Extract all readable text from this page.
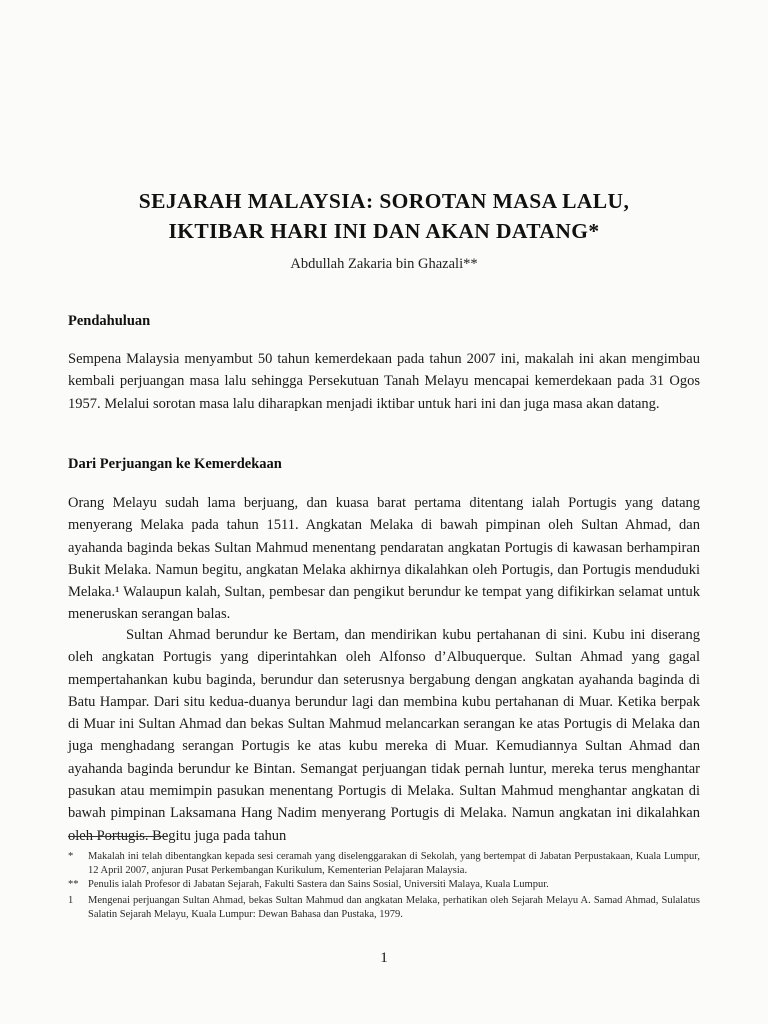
SEJARAH MALAYSIA: SOROTAN MASA LALU,
IKTIBAR HARI INI DAN AKAN DATANG*
Abdullah Zakaria bin Ghazali**
Pendahuluan

Sempena Malaysia menyambut 50 tahun kemerdekaan pada tahun 2007 ini, makalah ini akan mengimbau kembali perjuangan masa lalu sehingga Persekutuan Tanah Melayu mencapai kemerdekaan pada 31 Ogos 1957. Melalui sorotan masa lalu diharapkan menjadi iktibar untuk hari ini dan juga masa akan datang.

Dari Perjuangan ke Kemerdekaan

Orang Melayu sudah lama berjuang, dan kuasa barat pertama ditentang ialah Portugis yang datang menyerang Melaka pada tahun 1511. Angkatan Melaka di bawah pimpinan oleh Sultan Ahmad, dan ayahanda baginda bekas Sultan Mahmud menentang pendaratan angkatan Portugis di kawasan berhampiran Bukit Melaka. Namun begitu, angkatan Melaka akhirnya dikalahkan oleh Portugis, dan Portugis menduduki Melaka.¹ Walaupun kalah, Sultan, pembesar dan pengikut berundur ke tempat yang difikirkan selamat untuk meneruskan serangan balas.

Sultan Ahmad berundur ke Bertam, dan mendirikan kubu pertahanan di sini. Kubu ini diserang oleh angkatan Portugis yang diperintahkan oleh Alfonso d’Albuquerque. Sultan Ahmad yang gagal mempertahankan kubu baginda, berundur dan seterusnya bergabung dengan angkatan ayahanda baginda di Batu Hampar. Dari situ kedua-duanya berundur lagi dan membina kubu pertahanan di Muar. Ketika berpak di Muar ini Sultan Ahmad dan bekas Sultan Mahmud melancarkan serangan ke atas Portugis di Melaka dan juga menghadang serangan Portugis ke atas kubu mereka di Muar. Kemudiannya Sultan Ahmad dan ayahanda baginda berundur ke Bintan. Semangat perjuangan tidak pernah luntur, mereka terus menghantar pasukan atau memimpin pasukan menentang Portugis di Melaka. Sultan Mahmud menghantar angkatan di bawah pimpinan Laksamana Hang Nadim menyerang Portugis di Melaka. Namun angkatan ini dikalahkan oleh Portugis. Begitu juga pada tahun

*	Makalah ini telah dibentangkan kepada sesi ceramah yang diselenggarakan di Sekolah, yang bertempat di Jabatan Perpustakaan, Kuala Lumpur, 12 April 2007, anjuran Pusat Perkembangan Kurikulum, Kementerian Pelajaran Malaysia.
** Penulis ialah Profesor di Jabatan Sejarah, Fakulti Sastera dan Sains Sosial, Universiti Malaya, Kuala Lumpur.
1	Mengenai perjuangan Sultan Ahmad, bekas Sultan Mahmud dan angkatan Melaka, perhatikan oleh Sejarah Melayu A. Samad Ahmad, Sulalatus Salatin Sejarah Melayu, Kuala Lumpur: Dewan Bahasa dan Pustaka, 1979.
1
